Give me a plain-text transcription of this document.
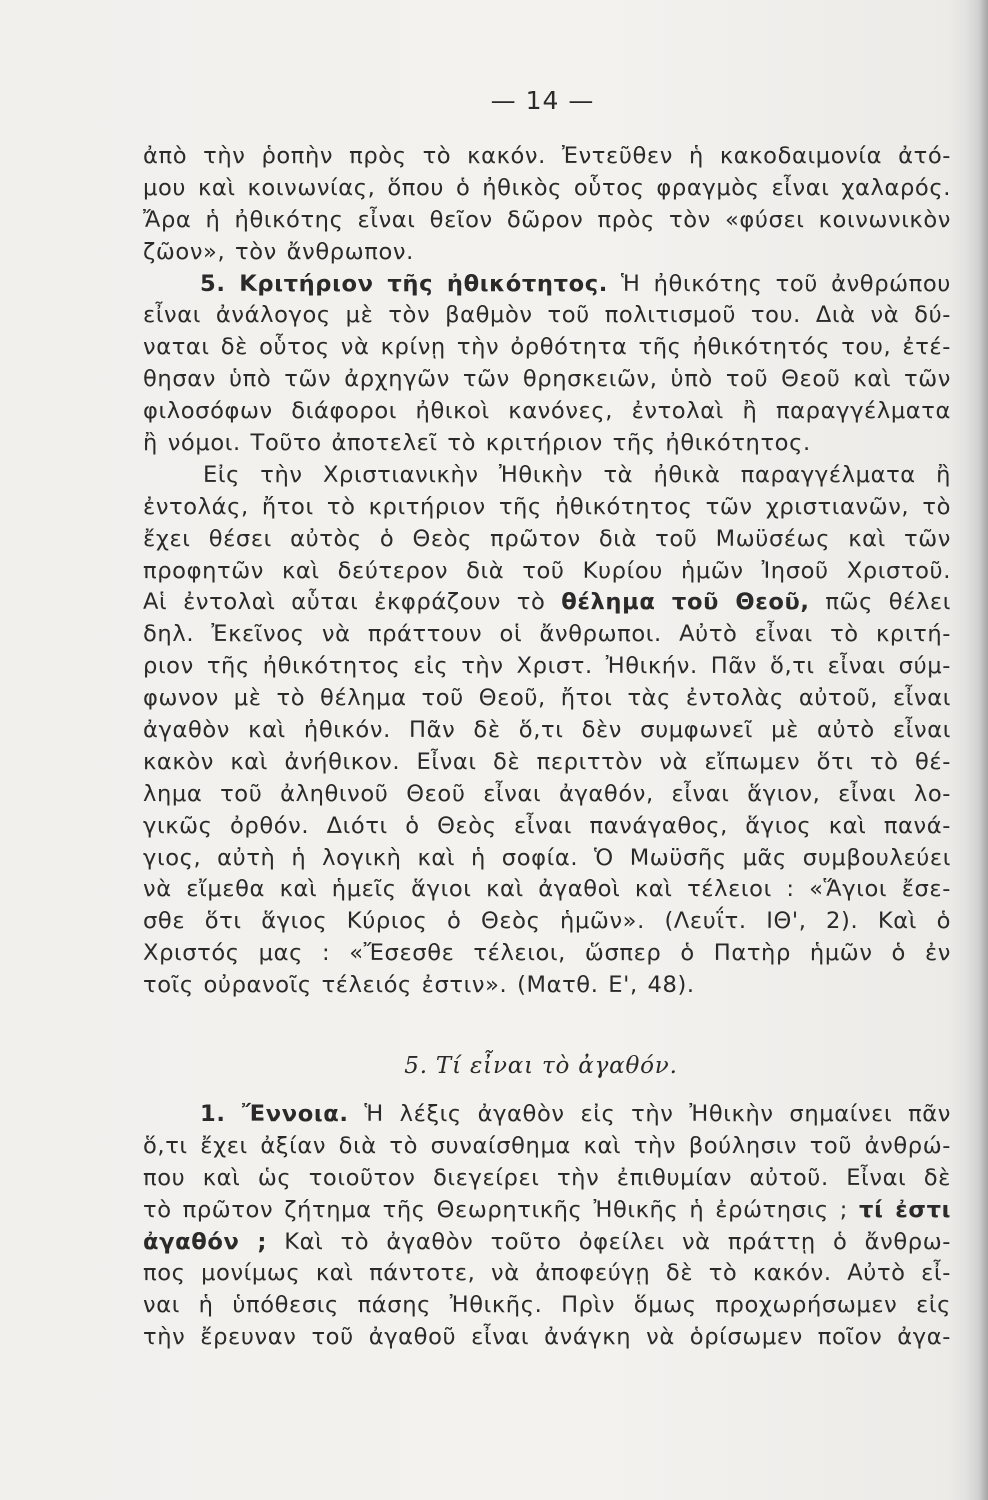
— 14 —
ἀπὸ τὴν ῥοπὴν πρὸς τὸ κακόν. Ἐντεῦθεν ἡ κακοδαιμονία ἀτό-
μου καὶ κοινωνίας, ὅπου ὁ ἠθικὸς οὗτος φραγμὸς εἶναι χαλαρός.
Ἄρα ἡ ἠθικότης εἶναι θεῖον δῶρον πρὸς τὸν «φύσει κοινωνικὸν
ζῶον», τὸν ἄνθρωπον.
5. Κριτήριον τῆς ἠθικότητος. Ἡ ἠθικότης τοῦ ἀνθρώπου
εἶναι ἀνάλογος μὲ τὸν βαθμὸν τοῦ πολιτισμοῦ του. Διὰ νὰ δύ-
ναται δὲ οὗτος νὰ κρίνῃ τὴν ὀρθότητα τῆς ἠθικότητός του, ἐτέ-
θησαν ὑπὸ τῶν ἀρχηγῶν τῶν θρησκειῶν, ὑπὸ τοῦ Θεοῦ καὶ τῶν
φιλοσόφων διάφοροι ἠθικοὶ κανόνες, ἐντολαὶ ἢ παραγγέλματα
ἢ νόμοι. Τοῦτο ἀποτελεῖ τὸ κριτήριον τῆς ἠθικότητος.
Εἰς τὴν Χριστιανικὴν Ἠθικὴν τὰ ἠθικὰ παραγγέλματα ἢ
ἐντολάς, ἤτοι τὸ κριτήριον τῆς ἠθικότητος τῶν χριστιανῶν, τὸ
ἔχει θέσει αὐτὸς ὁ Θεὸς πρῶτον διὰ τοῦ Μωϋσέως καὶ τῶν
προφητῶν καὶ δεύτερον διὰ τοῦ Κυρίου ἡμῶν Ἰησοῦ Χριστοῦ.
Αἱ ἐντολαὶ αὗται ἐκφράζουν τὸ θέλημα τοῦ Θεοῦ, πῶς θέλει
δηλ. Ἐκεῖνος νὰ πράττουν οἱ ἄνθρωποι. Αὐτὸ εἶναι τὸ κριτή-
ριον τῆς ἠθικότητος εἰς τὴν Χριστ. Ἠθικήν. Πᾶν ὅ,τι εἶναι σύμ-
φωνον μὲ τὸ θέλημα τοῦ Θεοῦ, ἤτοι τὰς ἐντολὰς αὐτοῦ, εἶναι
ἀγαθὸν καὶ ἠθικόν. Πᾶν δὲ ὅ,τι δὲν συμφωνεῖ μὲ αὐτὸ εἶναι
κακὸν καὶ ἀνήθικον. Εἶναι δὲ περιττὸν νὰ εἴπωμεν ὅτι τὸ θέ-
λημα τοῦ ἀληθινοῦ Θεοῦ εἶναι ἀγαθόν, εἶναι ἅγιον, εἶναι λο-
γικῶς ὀρθόν. Διότι ὁ Θεὸς εἶναι πανάγαθος, ἅγιος καὶ πανά-
γιος, αὐτὴ ἡ λογικὴ καὶ ἡ σοφία. Ὁ Μωϋσῆς μᾶς συμβουλεύει
νὰ εἴμεθα καὶ ἡμεῖς ἅγιοι καὶ ἀγαθοὶ καὶ τέλειοι : «Ἅγιοι ἔσε-
σθε ὅτι ἅγιος Κύριος ὁ Θεὸς ἡμῶν». (Λευΐτ. ΙΘ', 2). Καὶ ὁ
Χριστός μας : «Ἔσεσθε τέλειοι, ὥσπερ ὁ Πατὴρ ἡμῶν ὁ ἐν
τοῖς οὐρανοῖς τέλειός ἐστιν». (Ματθ. Ε', 48).
5. Τί εἶναι τὸ ἀγαθόν.
1. Ἔννοια. Ἡ λέξις ἀγαθὸν εἰς τὴν Ἠθικὴν σημαίνει πᾶν
ὅ,τι ἔχει ἀξίαν διὰ τὸ συναίσθημα καὶ τὴν βούλησιν τοῦ ἀνθρώ-
που καὶ ὡς τοιοῦτον διεγείρει τὴν ἐπιθυμίαν αὐτοῦ. Εἶναι δὲ
τὸ πρῶτον ζήτημα τῆς Θεωρητικῆς Ἠθικῆς ἡ ἐρώτησις ; τί ἐστι
ἀγαθόν ; Καὶ τὸ ἀγαθὸν τοῦτο ὀφείλει νὰ πράττῃ ὁ ἄνθρω-
πος μονίμως καὶ πάντοτε, νὰ ἀποφεύγῃ δὲ τὸ κακόν. Αὐτὸ εἶ-
ναι ἡ ὑπόθεσις πάσης Ἠθικῆς. Πρὶν ὅμως προχωρήσωμεν εἰς
τὴν ἔρευναν τοῦ ἀγαθοῦ εἶναι ἀνάγκη νὰ ὁρίσωμεν ποῖον ἀγα-
